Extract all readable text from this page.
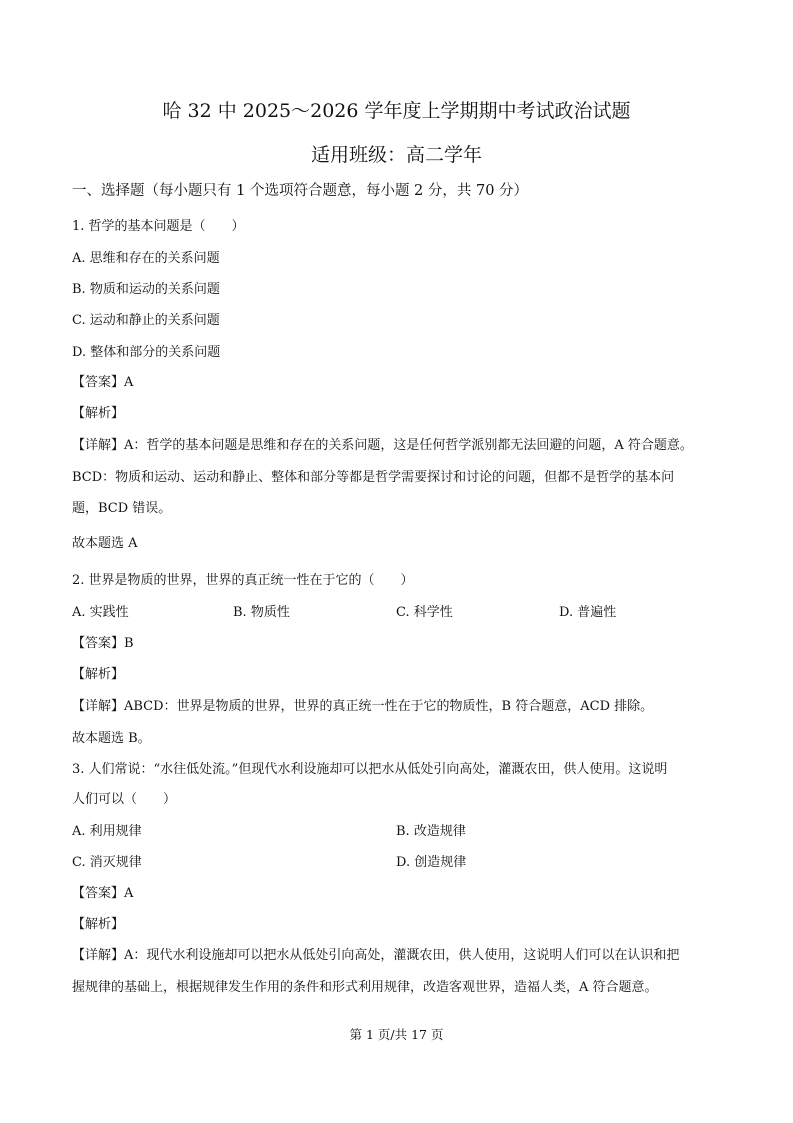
哈 32 中 2025～2026 学年度上学期期中考试政治试题
适用班级：高二学年
一、选择题（每小题只有 1 个选项符合题意，每小题 2 分，共 70 分）
1. 哲学的基本问题是（　　）
A. 思维和存在的关系问题
B. 物质和运动的关系问题
C. 运动和静止的关系问题
D. 整体和部分的关系问题
【答案】A
【解析】
【详解】A：哲学的基本问题是思维和存在的关系问题，这是任何哲学派别都无法回避的问题，A 符合题意。
BCD：物质和运动、运动和静止、整体和部分等都是哲学需要探讨和讨论的问题，但都不是哲学的基本问
题，BCD 错误。
故本题选 A
2. 世界是物质的世界，世界的真正统一性在于它的（　　）
A. 实践性	B. 物质性	C. 科学性	D. 普遍性
【答案】B
【解析】
【详解】ABCD：世界是物质的世界，世界的真正统一性在于它的物质性，B 符合题意，ACD 排除。
故本题选 B。
3. 人们常说：“水往低处流。”但现代水利设施却可以把水从低处引向高处，灌溉农田，供人使用。这说明
人们可以（　　）
A. 利用规律	B. 改造规律
C. 消灭规律	D. 创造规律
【答案】A
【解析】
【详解】A：现代水利设施却可以把水从低处引向高处，灌溉农田，供人使用，这说明人们可以在认识和把
握规律的基础上，根据规律发生作用的条件和形式利用规律，改造客观世界，造福人类，A 符合题意。
第 1 页/共 17 页
